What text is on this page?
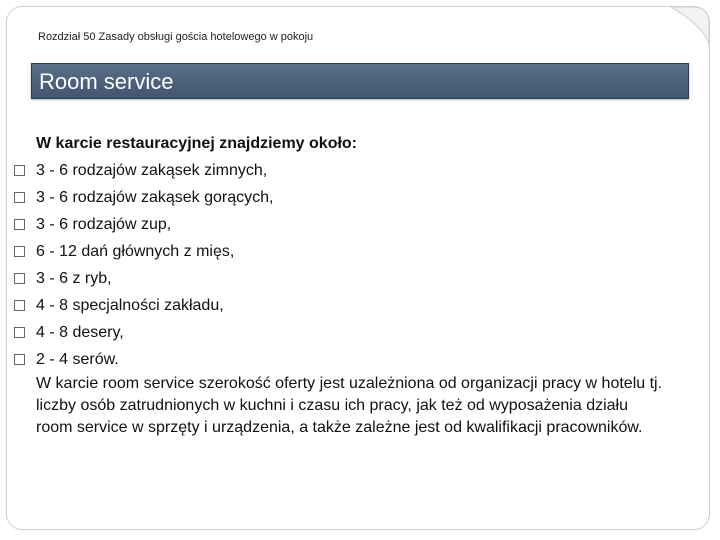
Rozdział 50 Zasady obsługi gościa hotelowego w pokoju
Room service
W karcie restauracyjnej znajdziemy około:
3 - 6 rodzajów zakąsek zimnych,
3 - 6 rodzajów zakąsek gorących,
3 - 6 rodzajów zup,
6 - 12 dań głównych z mięs,
3 - 6 z ryb,
4 - 8 specjalności zakładu,
4 - 8 desery,
2 - 4 serów.
W karcie room service szerokość oferty jest uzależniona od organizacji pracy w hotelu tj. liczby osób zatrudnionych w kuchni i czasu ich pracy, jak też od wyposażenia działu room service w sprzęty i urządzenia, a także zależne jest od kwalifikacji pracowników.
